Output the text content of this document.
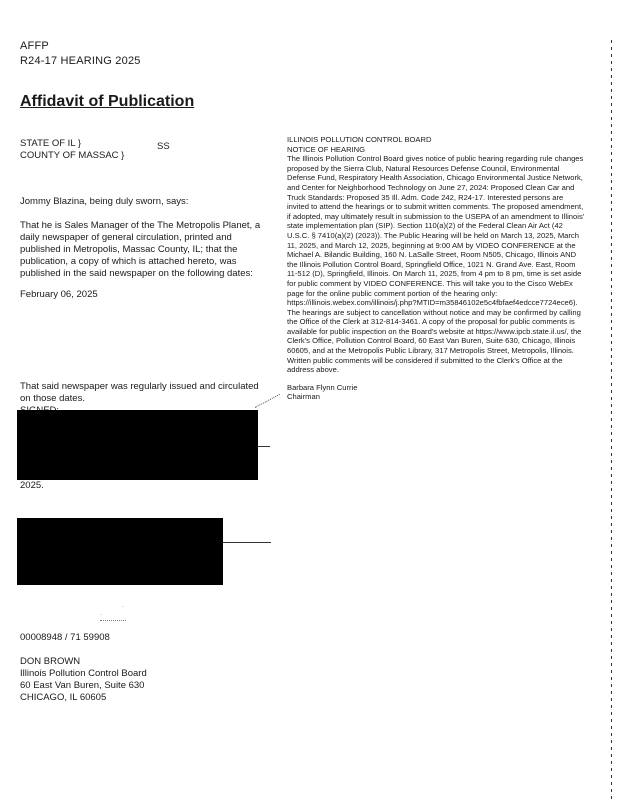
AFFP
R24-17 HEARING 2025
Affidavit of Publication
STATE OF IL }
COUNTY OF MASSAC }
SS
Jommy Blazina, being duly sworn, says:
That he is Sales Manager of the The Metropolis Planet, a daily newspaper of general circulation, printed and published in Metropolis, Massac County, IL; that the publication, a copy of which is attached hereto, was published in the said newspaper on the following dates:
February 06, 2025
That said newspaper was regularly issued and circulated on those dates.
2025.
·
·
00008948 / 71 59908
DON BROWN
Illinois Pollution Control Board
60 East Van Buren, Suite 630
CHICAGO, IL 60605

ILLINOIS POLLUTION CONTROL BOARD

NOTICE OF HEARING

The Illinois Pollution Control Board gives notice of public hearing regarding rule changes proposed by the Sierra Club, Natural Resources Defense Council, Environmental Defense Fund, Respiratory Health Association, Chicago Environmental Justice Network, and Center for Neighborhood Technology on June 27, 2024: Proposed Clean Car and Truck Standards: Proposed 35 Ill. Adm. Code 242, R24-17. Interested persons are invited to attend the hearings or to submit written comments. The proposed amendment, if adopted, may ultimately result in submission to the USEPA of an amendment to Illinois' state implementation plan (SIP). Section 110(a)(2) of the Federal Clean Air Act (42 U.S.C. § 7410(a)(2) (2023)). The Public Hearing will be held on March 13, 2025, March 11, 2025, and March 12, 2025, beginning at 9:00 AM by VIDEO CONFERENCE at the Michael A. Bilandic Building, 160 N. LaSalle Street, Room N505, Chicago, Illinois AND the Illinois Pollution Control Board, Springfield Office, 1021 N. Grand Ave. East, Room 11-512 (D), Springfield, Illinois. On March 11, 2025, from 4 pm to 8 pm, time is set aside for public comment by VIDEO CONFERENCE. This will take you to the Cisco WebEx page for the online public comment portion of the hearing only: https://illinois.webex.com/illinois/j.php?MTID=m35846102e5c4fbfaef4edcce7724ece6). The hearings are subject to cancellation without notice and may be confirmed by calling the Office of the Clerk at 312-814-3461. A copy of the proposal for public comments is available for public inspection on the Board's website at https://www.ipcb.state.il.us/, the Clerk's Office, Pollution Control Board, 60 East Van Buren, Suite 630, Chicago, Illinois 60605, and at the Metropolis Public Library, 317 Metropolis Street, Metropolis, Illinois. Written public comments will be considered if submitted to the Clerk's Office at the address above.

Barbara Flynn Currie

Chairman
